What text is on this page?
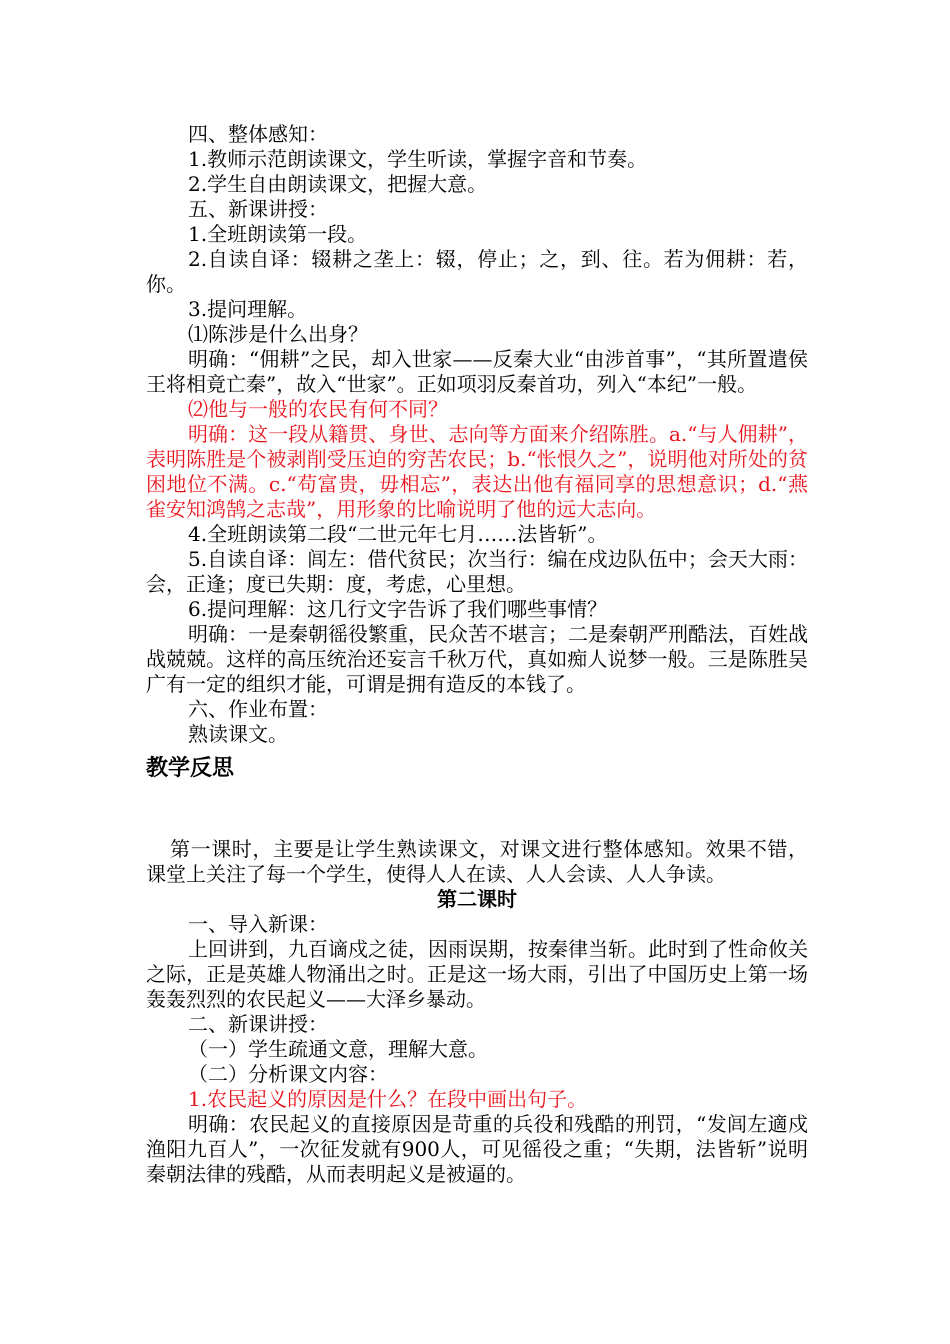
四、整体感知：

1.教师示范朗读课文，学生听读，掌握字音和节奏。

2.学生自由朗读课文，把握大意。

五、新课讲授：

1.全班朗读第一段。

2.自读自译：辍耕之垄上：辍，停止；之，到、往。若为佣耕：若，你。

3.提问理解。

⑴陈涉是什么出身？

明确：“佣耕”之民，却入世家——反秦大业“由涉首事”，“其所置遣侯王将相竟亡秦”，故入“世家”。正如项羽反秦首功，列入“本纪”一般。

⑵他与一般的农民有何不同？

明确：这一段从籍贯、身世、志向等方面来介绍陈胜。a.“与人佣耕”，表明陈胜是个被剥削受压迫的穷苦农民；b.“怅恨久之”，说明他对所处的贫困地位不满。c.“苟富贵，毋相忘”，表达出他有福同享的思想意识；d.“燕雀安知鸿鹄之志哉”，用形象的比喻说明了他的远大志向。

4.全班朗读第二段“二世元年七月……法皆斩”。

5.自读自译：闾左：借代贫民；次当行：编在戍边队伍中；会天大雨：会，正逢；度已失期：度，考虑，心里想。

6.提问理解：这几行文字告诉了我们哪些事情？

明确：一是秦朝徭役繁重，民众苦不堪言；二是秦朝严刑酷法，百姓战战兢兢。这样的高压统治还妄言千秋万代，真如痴人说梦一般。三是陈胜吴广有一定的组织才能，可谓是拥有造反的本钱了。

六、作业布置：

熟读课文。

教学反思

第一课时，主要是让学生熟读课文，对课文进行整体感知。效果不错，课堂上关注了每一个学生，使得人人在读、人人会读、人人争读。

第二课时

一、导入新课：

上回讲到，九百谪戍之徒，因雨误期，按秦律当斩。此时到了性命攸关之际，正是英雄人物涌出之时。正是这一场大雨，引出了中国历史上第一场轰轰烈烈的农民起义——大泽乡暴动。

二、新课讲授：

（一）学生疏通文意，理解大意。

（二）分析课文内容：

1.农民起义的原因是什么？在段中画出句子。

明确：农民起义的直接原因是苛重的兵役和残酷的刑罚，“发闾左適戍渔阳九百人”，一次征发就有900人，可见徭役之重；“失期，法皆斩”说明秦朝法律的残酷，从而表明起义是被逼的。
